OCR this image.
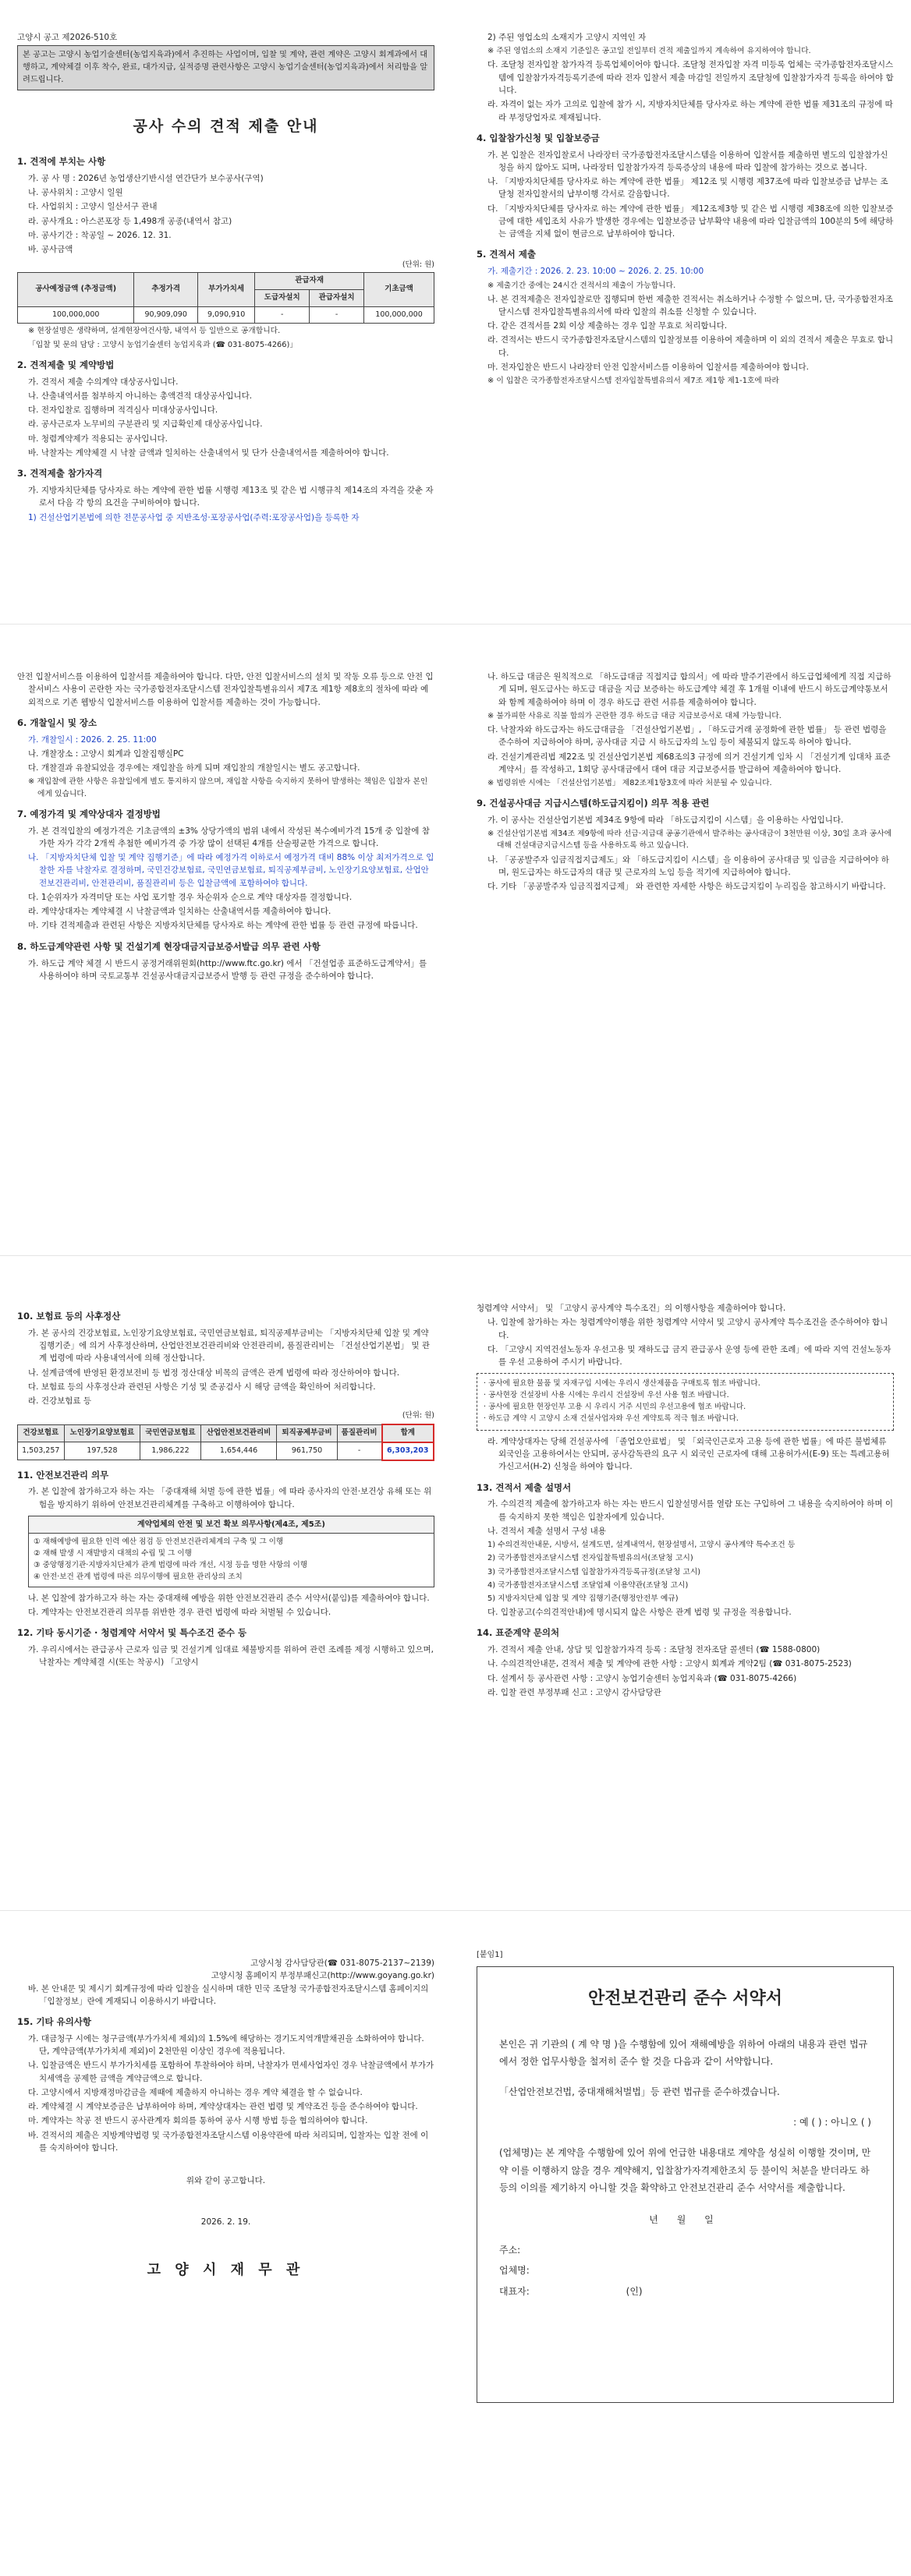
고양시 공고 제2026-510호
본 공고는 고양시 농업기술센터(농업지육과)에서 추진하는 사업이며, 입찰 및 계약, 관련 계약은 고양시 회계과에서 대행하고, 계약체결 이후 착수, 완료, 대가지급, 실적증명 관련사항은 고양시 농업기술센터(농업지육과)에서 처리함을 알려드립니다.
공사 수의 견적 제출 안내
1. 견적에 부치는 사항
가. 공 사 명 : 2026년 농업생산기반시설 연간단가 보수공사(구역)
나. 공사위치 : 고양시 일원
다. 사업위치 : 고양시 일산서구 관내
라. 공사개요 : 아스콘포장 등 1,498개 공종(내역서 참고)
마. 공사기간 : 착공일 ~ 2026. 12. 31.
바. 공사금액
(단위: 원)
공사예정금액 (추정금액)	추정가격	부가가치세	관급자재		기초금액
			도급자설치	관급자설치	
100,000,000	90,909,090	9,090,910	-	-	100,000,000
※ 현장설명은 생략하며, 설계현장여건사항, 내역서 등 일반으로 공개합니다.
「입찰 및 문의 담당 : 고양시 농업기술센터 농업지육과 (☎ 031-8075-4266)」
2. 견적제출 및 계약방법
가. 견적서 제출 수의계약 대상공사입니다.
나. 산출내역서를 첨부하지 아니하는 총액견적 대상공사입니다.
다. 전자입찰로 집행하며 적격심사 미대상공사입니다.
라. 공사근로자 노무비의 구분관리 및 지급확인제 대상공사입니다.
마. 청렴계약제가 적용되는 공사입니다.
바. 낙찰자는 계약체결 시 낙찰 금액과 일치하는 산출내역서 및 단가 산출내역서를 제출하여야 합니다.
3. 견적제출 참가자격
가. 지방자치단체를 당사자로 하는 계약에 관한 법률 시행령 제13조 및 같은 법 시행규칙 제14조의 자격을 갖춘 자로서 다음 각 항의 요건을 구비하여야 합니다.
1) 건설산업기본법에 의한 전문공사업 중 지반조성·포장공사업(주력:포장공사업)을 등록한 자
2) 주된 영업소의 소재지가 고양시 지역인 자
※ 주된 영업소의 소재지 기준일은 공고일 전일부터 견적 제출일까지 계속하여 유지하여야 합니다.
다. 조달청 전자입찰 참가자격 등록업체이어야 합니다. 조달청 전자입찰 자격 미등록 업체는 국가종합전자조달시스템에 입찰참가자격등록기준에 따라 전자 입찰서 제출 마감일 전일까지 조달청에 입찰참가자격 등록을 하여야 합니다.
라. 자격이 없는 자가 고의로 입찰에 참가 시, 지방자치단체를 당사자로 하는 계약에 관한 법률 제31조의 규정에 따라 부정당업자로 제재됩니다.
4. 입찰참가신청 및 입찰보증금
가. 본 입찰은 전자입찰로서 나라장터 국가종합전자조달시스템을 이용하여 입찰서를 제출하면 별도의 입찰참가신청을 하지 않아도 되며, 나라장터 입찰참가자격 등록증상의 내용에 따라 입찰에 참가하는 것으로 봅니다.
나. 「지방자치단체를 당사자로 하는 계약에 관한 법률」 제12조 및 시행령 제37조에 따라 입찰보증금 납부는 조달청 전자입찰서의 납부이행 각서로 갈음합니다.
다. 「지방자치단체를 당사자로 하는 계약에 관한 법률」 제12조제3항 및 같은 법 시행령 제38조에 의한 입찰보증금에 대한 세입조치 사유가 발생한 경우에는 입찰보증금 납부확약 내용에 따라 입찰금액의 100분의 5에 해당하는 금액을 지체 없이 현금으로 납부하여야 합니다.
5. 견적서 제출
가. 제출기간 : 2026. 2. 23. 10:00 ~ 2026. 2. 25. 10:00
※ 제출기간 중에는 24시간 견적서의 제출이 가능합니다.
나. 본 견적제출은 전자입찰로만 집행되며 한번 제출한 견적서는 취소하거나 수정할 수 없으며, 단, 국가종합전자조달시스템 전자입찰특별유의서에 따라 입찰의 취소를 신청할 수 있습니다.
다. 같은 견적서를 2회 이상 제출하는 경우 입찰 무효로 처리합니다.
라. 견적서는 반드시 국가종합전자조달시스템의 입찰정보를 이용하여 제출하며 이 외의 견적서 제출은 무효로 합니다.
마. 전자입찰은 반드시 나라장터 안전 입찰서비스를 이용하여 입찰서를 제출하여야 합니다.
※ 이 입찰은 국가종합전자조달시스템 전자입찰특별유의서 제7조 제1항 제1-1호에 따라
안전 입찰서비스를 이용하여 입찰서를 제출하여야 합니다. 다만, 안전 입찰서비스의 설치 및 작동 오류 등으로 안전 입찰서비스 사용이 곤란한 자는 국가종합전자조달시스템 전자입찰특별유의서 제7조 제1항 제8호의 절차에 따라 예외적으로 기존 웹방식 입찰서비스를 이용하여 입찰서를 제출하는 것이 가능합니다.
6. 개찰일시 및 장소
가. 개찰일시 : 2026. 2. 25. 11:00
나. 개찰장소 : 고양시 회계과 입찰집행실PC
다. 개찰결과 유찰되었을 경우에는 재입찰을 하게 되며 재입찰의 개찰일시는 별도 공고합니다.
※ 재입찰에 관한 사항은 유찰일에게 별도 통지하지 않으며, 재입찰 사항을 숙지하지 못하여 발생하는 책임은 입찰자 본인에게 있습니다.
7. 예정가격 및 계약상대자 결정방법
가. 본 견적입찰의 예정가격은 기초금액의 ±3% 상당가액의 범위 내에서 작성된 복수예비가격 15개 중 입찰에 참가한 자가 각각 2개씩 추첨한 예비가격 중 가장 많이 선택된 4개를 산술평균한 가격으로 합니다.
나. 「지방자치단체 입찰 및 계약 집행기준」에 따라 예정가격 이하로서 예정가격 대비 88% 이상 최저가격으로 입찰한 자를 낙찰자로 결정하며, 국민건강보험료, 국민연금보험료, 퇴직공제부금비, 노인장기요양보험료, 산업안전보건관리비, 안전관리비, 품질관리비 등은 입찰금액에 포함하여야 합니다.
다. 1순위자가 자격미달 또는 사업 포기할 경우 차순위자 순으로 계약 대상자를 결정합니다.
라. 계약상대자는 계약체결 시 낙찰금액과 일치하는 산출내역서를 제출하여야 합니다.
마. 기타 견적제출과 관련된 사항은 지방자치단체를 당사자로 하는 계약에 관한 법률 등 관련 규정에 따릅니다.
8. 하도급계약관련 사항 및 건설기계 현장대금지급보증서발급 의무 관련 사항
가. 하도급 계약 체결 시 반드시 공정거래위원회(http://www.ftc.go.kr) 에서 「건설업종 표준하도급계약서」를 사용하여야 하며 국토교통부 건설공사대금지급보증서 발행 등 관련 규정을 준수하여야 합니다.
나. 하도급 대금은 원칙적으로 「하도급대금 직접지급 합의서」에 따라 발주기관에서 하도급업체에게 직접 지급하게 되며, 원도급사는 하도급 대금을 지급 보증하는 하도급계약 체결 후 1개월 이내에 반드시 하도급계약통보서와 함께 제출하여야 하며 이 경우 하도급 관련 서류를 제출하여야 합니다.
※ 불가피한 사유로 직불 합의가 곤란한 경우 하도급 대금 지급보증서로 대체 가능합니다.
다. 낙찰자와 하도급자는 하도급대금을 「건설산업기본법」, 「하도급거래 공정화에 관한 법률」 등 관련 법령을 준수하여 지급하여야 하며, 공사대금 지급 시 하도급자의 노임 등이 체불되지 않도록 하여야 합니다.
라. 건설기계관리법 제22조 및 건설산업기본법 제68조의3 규정에 의거 건설기계 임차 시 「건설기계 임대차 표준계약서」를 작성하고, 1회당 공사대금에서 대여 대금 지급보증서를 발급하여 제출하여야 합니다.
※ 법령위반 시에는 「건설산업기본법」 제82조제1항3호에 따라 처분될 수 있습니다.
9. 건설공사대금 지급시스템(하도급지킴이) 의무 적용 관련
가. 이 공사는 건설산업기본법 제34조 9항에 따라 「하도급지킴이 시스템」을 이용하는 사업입니다.
※ 건설산업기본법 제34조 제9항에 따라 선급·지급대 공공기관에서 발주하는 공사대금이 3천만원 이상, 30일 초과 공사에 대해 건설대금지급시스템 등을 사용하도록 하고 있습니다.
나. 「공공발주자 임금직접지급제도」와 「하도급지킴이 시스템」을 이용하여 공사대금 및 임금을 지급하여야 하며, 원도급자는 하도급자의 대금 및 근로자의 노임 등을 적기에 지급하여야 합니다.
다. 기타 「공공발주자 임금직접지급제」 와 관련한 자세한 사항은 하도급지킴이 누리집을 참고하시기 바랍니다.
10. 보험료 등의 사후정산
가. 본 공사의 건강보험료, 노인장기요양보험료, 국민연금보험료, 퇴직공제부금비는 「지방자치단체 입찰 및 계약집행기준」에 의거 사후정산하며, 산업안전보건관리비와 안전관리비, 품질관리비는 「건설산업기본법」 및 관계 법령에 따라 사용내역서에 의해 정산합니다.
나. 설계금액에 반영된 환경보전비 등 법정 정산대상 비목의 금액은 관계 법령에 따라 정산하여야 합니다.
다. 보험료 등의 사후정산과 관련된 사항은 기성 및 준공검사 시 해당 금액을 확인하여 처리합니다.
라. 건강보험료 등
(단위: 원)
건강보험료	노인장기요양보험료	국민연금보험료	산업안전보건관리비	퇴직공제부금비	품질관리비	합계
1,503,257	197,528	1,986,222	1,654,446	961,750	-	6,303,203
11. 안전보건관리 의무
가. 본 입찰에 참가하고자 하는 자는 「중대재해 처벌 등에 관한 법률」에 따라 종사자의 안전·보건상 유해 또는 위험을 방지하기 위하여 안전보건관리체계를 구축하고 이행하여야 합니다.
계약업체의 안전 및 보건 확보 의무사항(제4조, 제5조)
① 재해예방에 필요한 인력 예산 점검 등 안전보건관리체계의 구축 및 그 이행
② 재해 발생 시 재발방지 대책의 수립 및 그 이행
③ 중앙행정기관·지방자치단체가 관계 법령에 따라 개선, 시정 등을 명한 사항의 이행
④ 안전·보건 관계 법령에 따른 의무이행에 필요한 관리상의 조치
나. 본 입찰에 참가하고자 하는 자는 중대재해 예방을 위한 안전보건관리 준수 서약서(붙임)를 제출하여야 합니다.
다. 계약자는 안전보건관리 의무를 위반한 경우 관련 법령에 따라 처벌될 수 있습니다.
12. 기타 동시기준 · 청렴계약 서약서 및 특수조건 준수 등
가. 우리시에서는 관급공사 근로자 임금 및 건설기계 임대료 체불방지를 위하여 관련 조례를 제정 시행하고 있으며, 낙찰자는 계약체결 시(또는 착공시) 「고양시
청렴계약 서약서」 및 「고양시 공사계약 특수조건」의 이행사항을 제출하여야 합니다.
나. 입찰에 참가하는 자는 청렴계약이행을 위한 청렴계약 서약서 및 고양시 공사계약 특수조건을 준수하여야 합니다.
다. 「고양시 지역건설노동자 우선고용 및 재하도급 금지 관급공사 운영 등에 관한 조례」에 따라 지역 건설노동자를 우선 고용하여 주시기 바랍니다.
· 공사에 필요한 물품 및 자재구입 시에는 우리시 생산제품을 구매토록 협조 바랍니다.
· 공사현장 건설장비 사용 시에는 우리시 건설장비 우선 사용 협조 바랍니다.
· 공사에 필요한 현장인부 고용 시 우리시 거주 시민의 우선고용에 협조 바랍니다.
· 하도급 계약 시 고양시 소재 건설사업자와 우선 계약토록 적극 협조 바랍니다.
라. 계약상대자는 당해 건설공사에 「졸업오안료법」 및 「외국인근로자 고용 등에 관한 법률」에 따른 불법체류 외국인을 고용하여서는 안되며, 공사감독관의 요구 시 외국인 근로자에 대해 고용허가서(E-9) 또는 특례고용허가신고서(H-2) 신청을 하여야 합니다.
13. 견적서 제출 설명서
가. 수의견적 제출에 참가하고자 하는 자는 반드시 입찰설명서를 열람 또는 구입하여 그 내용을 숙지하여야 하며 이를 숙지하지 못한 책임은 입찰자에게 있습니다.
나. 견적서 제출 설명서 구성 내용
1) 수의견적안내문, 시방서, 설계도면, 설계내역서, 현장설명서, 고양시 공사계약 특수조건 등
2) 국가종합전자조달시스템 전자입찰특별유의서(조달청 고시)
3) 국가종합전자조달시스템 입찰참가자격등록규정(조달청 고시)
4) 국가종합전자조달시스템 조달업체 이용약관(조달청 고시)
5) 지방자치단체 입찰 및 계약 집행기준(행정안전부 예규)
다. 입찰공고(수의견적안내)에 명시되지 않은 사항은 관계 법령 및 규정을 적용합니다.
14. 표준계약 문의처
가. 견적서 제출 안내, 상담 및 입찰참가자격 등록 : 조달청 전자조달 콜센터 (☎ 1588-0800)
나. 수의견적안내문, 견적서 제출 및 계약에 관한 사항 : 고양시 회계과 계약2팀 (☎ 031-8075-2523)
다. 설계서 등 공사관련 사항 : 고양시 농업기술센터 농업지육과 (☎ 031-8075-4266)
라. 입찰 관련 부정부패 신고 : 고양시 감사담당관
고양시청 감사담당관(☎ 031-8075-2137~2139)
고양시청 홈페이지 부정부패신고(http://www.goyang.go.kr)
바. 본 안내문 및 제시기 회계규정에 따라 입찰을 실시하며 대한 민국 조달청 국가종합전자조달시스템 홈페이지의 「입찰정보」란에 게재되니 이용하시기 바랍니다.
15. 기타 유의사항
가. 대금청구 시에는 청구금액(부가가치세 제외)의 1.5%에 해당하는 경기도지역개발채권을 소화하여야 합니다. 단, 계약금액(부가가치세 제외)이 2천만원 이상인 경우에 적용됩니다.
나. 입찰금액은 반드시 부가가치세를 포함하여 투찰하여야 하며, 낙찰자가 면세사업자인 경우 낙찰금액에서 부가가치세액을 공제한 금액을 계약금액으로 합니다.
다. 고양시에서 지방재정마감금을 제때에 제출하지 아니하는 경우 계약 체결을 할 수 없습니다.
라. 계약체결 시 계약보증금은 납부하여야 하며, 계약상대자는 관련 법령 및 계약조건 등을 준수하여야 합니다.
마. 계약자는 착공 전 반드시 공사관계자 회의를 통하여 공사 시행 방법 등을 협의하여야 합니다.
바. 견적서의 제출은 지방계약법령 및 국가종합전자조달시스템 이용약관에 따라 처리되며, 입찰자는 입찰 전에 이를 숙지하여야 합니다.
위와 같이 공고합니다.
2026. 2. 19.
고 양 시 재 무 관
[붙임1]
안전보건관리 준수 서약서
본인은 귀 기관의 ( 계 약 명 )을 수행함에 있어 재해예방을 위하여 아래의 내용과 관련 법규에서 정한 업무사항을 철저히 준수 할 것을 다음과 같이 서약합니다.
「산업안전보건법, 중대재해처벌법」등 관련 법규를 준수하겠습니다.
: 예 ( ) : 아니오 ( )
(업체명)는 본 계약을 수행함에 있어 위에 언급한 내용대로 계약을 성실히 이행할 것이며, 만약 이를 이행하지 않을 경우 계약해지, 입찰참가자격제한조치 등 불이익 처분을 받더라도 하등의 이의를 제기하지 아니할 것을 확약하고 안전보건관리 준수 서약서를 제출합니다.
년 월 일
주소:
업체명:
대표자:	(인)
